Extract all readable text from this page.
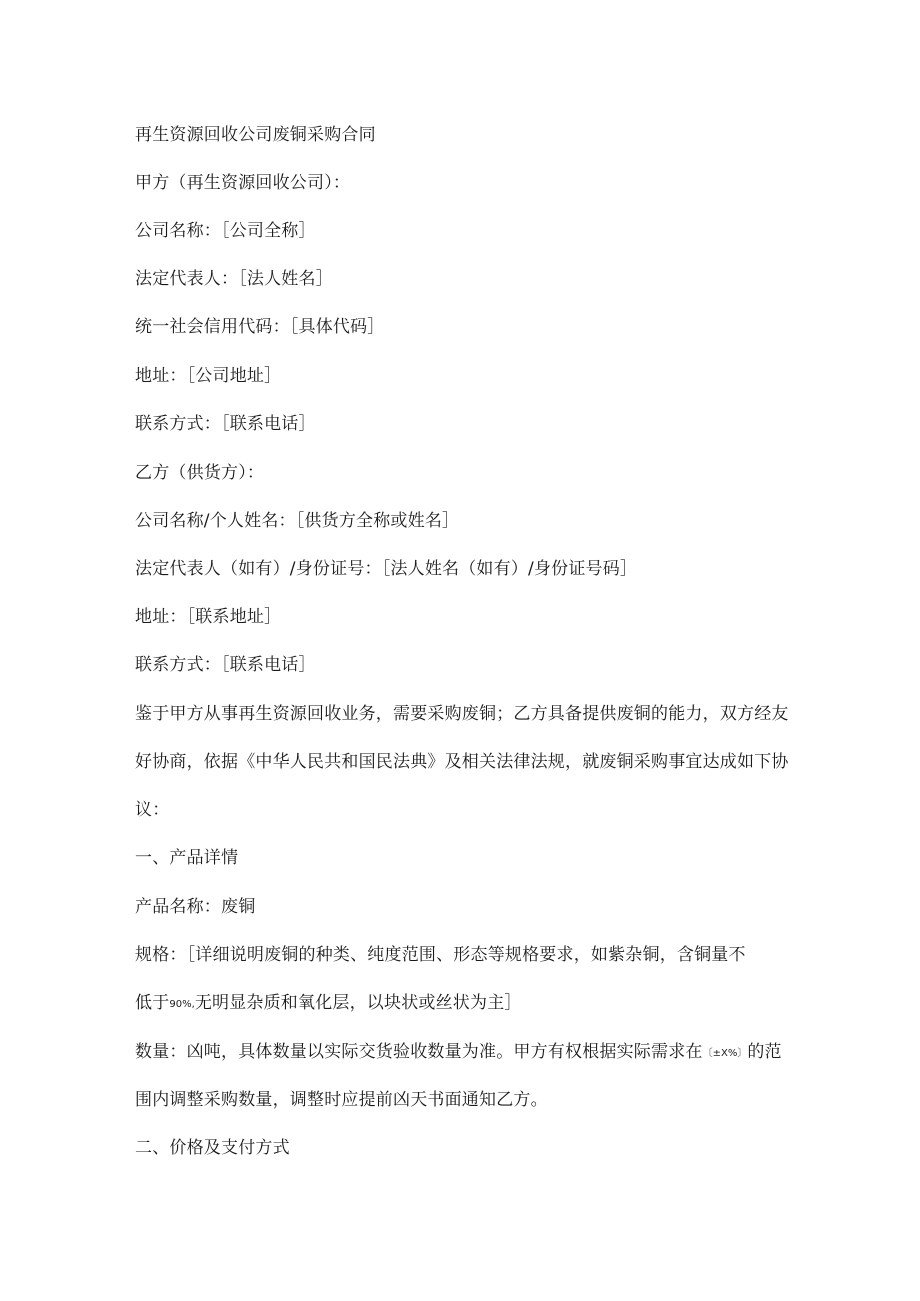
再生资源回收公司废铜采购合同
甲方（再生资源回收公司）：
公司名称：［公司全称］
法定代表人：［法人姓名］
统一社会信用代码：［具体代码］
地址：［公司地址］
联系方式：［联系电话］
乙方（供货方）：
公司名称/个人姓名：［供货方全称或姓名］
法定代表人（如有）/身份证号：［法人姓名（如有）/身份证号码］
地址：［联系地址］
联系方式：［联系电话］
鉴于甲方从事再生资源回收业务，需要采购废铜；乙方具备提供废铜的能力，双方经友
好协商，依据《中华人民共和国民法典》及相关法律法规，就废铜采购事宜达成如下协
议：
一、产品详情
产品名称：废铜
规格：［详细说明废铜的种类、纯度范围、形态等规格要求，如紫杂铜，含铜量不
低于90%,无明显杂质和氧化层，以块状或丝状为主］
数量：凶吨，具体数量以实际交货验收数量为准。甲方有权根据实际需求在〔±X%〕的范
围内调整采购数量，调整时应提前凶天书面通知乙方。
二、价格及支付方式
